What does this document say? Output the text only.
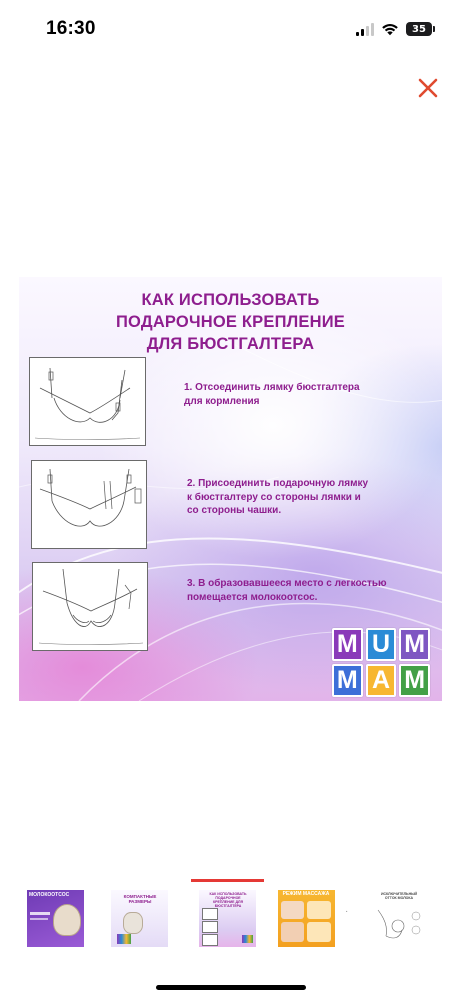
16:30	35
КАК ИСПОЛЬЗОВАТЬ
ПОДАРОЧНОЕ КРЕПЛЕНИЕ
ДЛЯ БЮСТГАЛТЕРА
1. Отсоединить лямку бюстгалтера
для кормления
2. Присоединить подарочную лямку
к бюстгалтеру со стороны лямки и
со стороны чашки.
3. В образовавшееся место с легкостью
помещается молокоотсос.
M U M
M A M
МОЛОКООТСОС	КОМПАКТНЫЕ РАЗМЕРЫ
КАК ИСПОЛЬЗОВАТЬ ПОДАРОЧНОЕ КРЕПЛЕНИЕ ДЛЯ БЮСТГАЛТЕРА
РЕЖИМ МАССАЖА
·
ИСКЛЮЧИТЕЛЬНЫЙ ОТТОК МОЛОКА
